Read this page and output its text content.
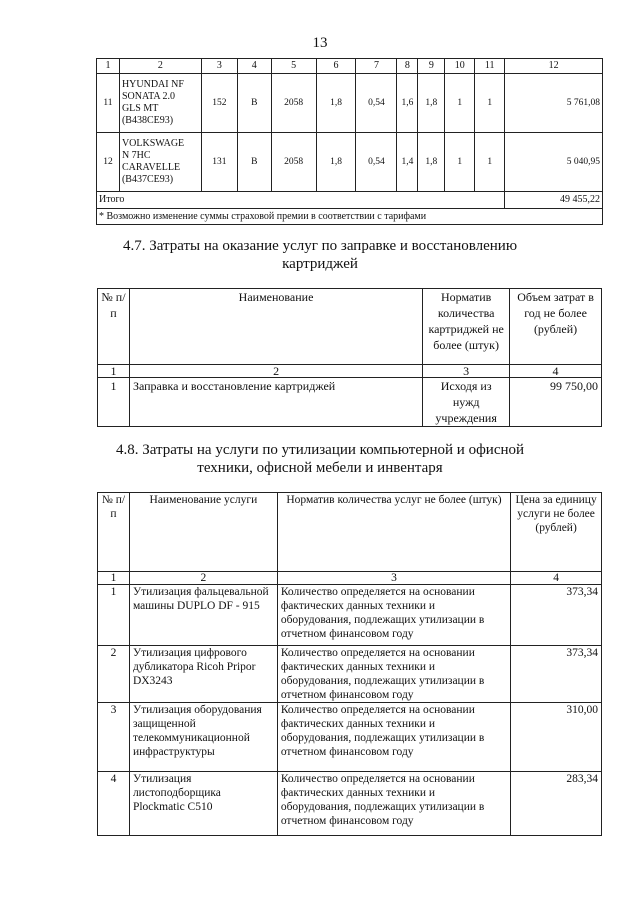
13
1	2	3	4	5	6	7	8	9	10	11	12
11	HYUNDAI NF
SONATA 2.0
GLS MT
(В438СЕ93)	152	В	2058	1,8	0,54	1,6	1,8	1	1	5 761,08
12	VOLKSWAGE
N 7HC
CARAVELLE
(В437СЕ93)	131	В	2058	1,8	0,54	1,4	1,8	1	1	5 040,95
Итого											49 455,22
* Возможно изменение суммы страховой премии в соответствии с тарифами											
4.7. Затраты на оказание услуг по заправке и восстановлению
картриджей
№ п/п	Наименование	Норматив количества картриджей не более (штук)	Объем затрат в год не более (рублей)
1	2	3	4
1	Заправка и восстановление картриджей	Исходя из нужд учреждения	99 750,00
4.8. Затраты на услуги по утилизации компьютерной и офисной
техники, офисной мебели и инвентаря
№ п/п	Наименование услуги	Норматив количества услуг не более (штук)	Цена за единицу услуги не более (рублей)
1	2	3	4
1	Утилизация фальцевальной машины DUPLO DF - 915	Количество определяется на основании фактических данных техники и оборудования, подлежащих утилизации в отчетном финансовом году	373,34
2	Утилизация цифрового дубликатора Ricoh Pripor DX3243	Количество определяется на основании фактических данных техники и оборудования, подлежащих утилизации в отчетном финансовом году	373,34
3	Утилизация оборудования защищенной телекоммуникационной инфраструктуры	Количество определяется на основании фактических данных техники и оборудования, подлежащих утилизации в отчетном финансовом году	310,00
4	Утилизация листоподборщика Plockmatic C510	Количество определяется на основании фактических данных техники и оборудования, подлежащих утилизации в отчетном финансовом году	283,34
